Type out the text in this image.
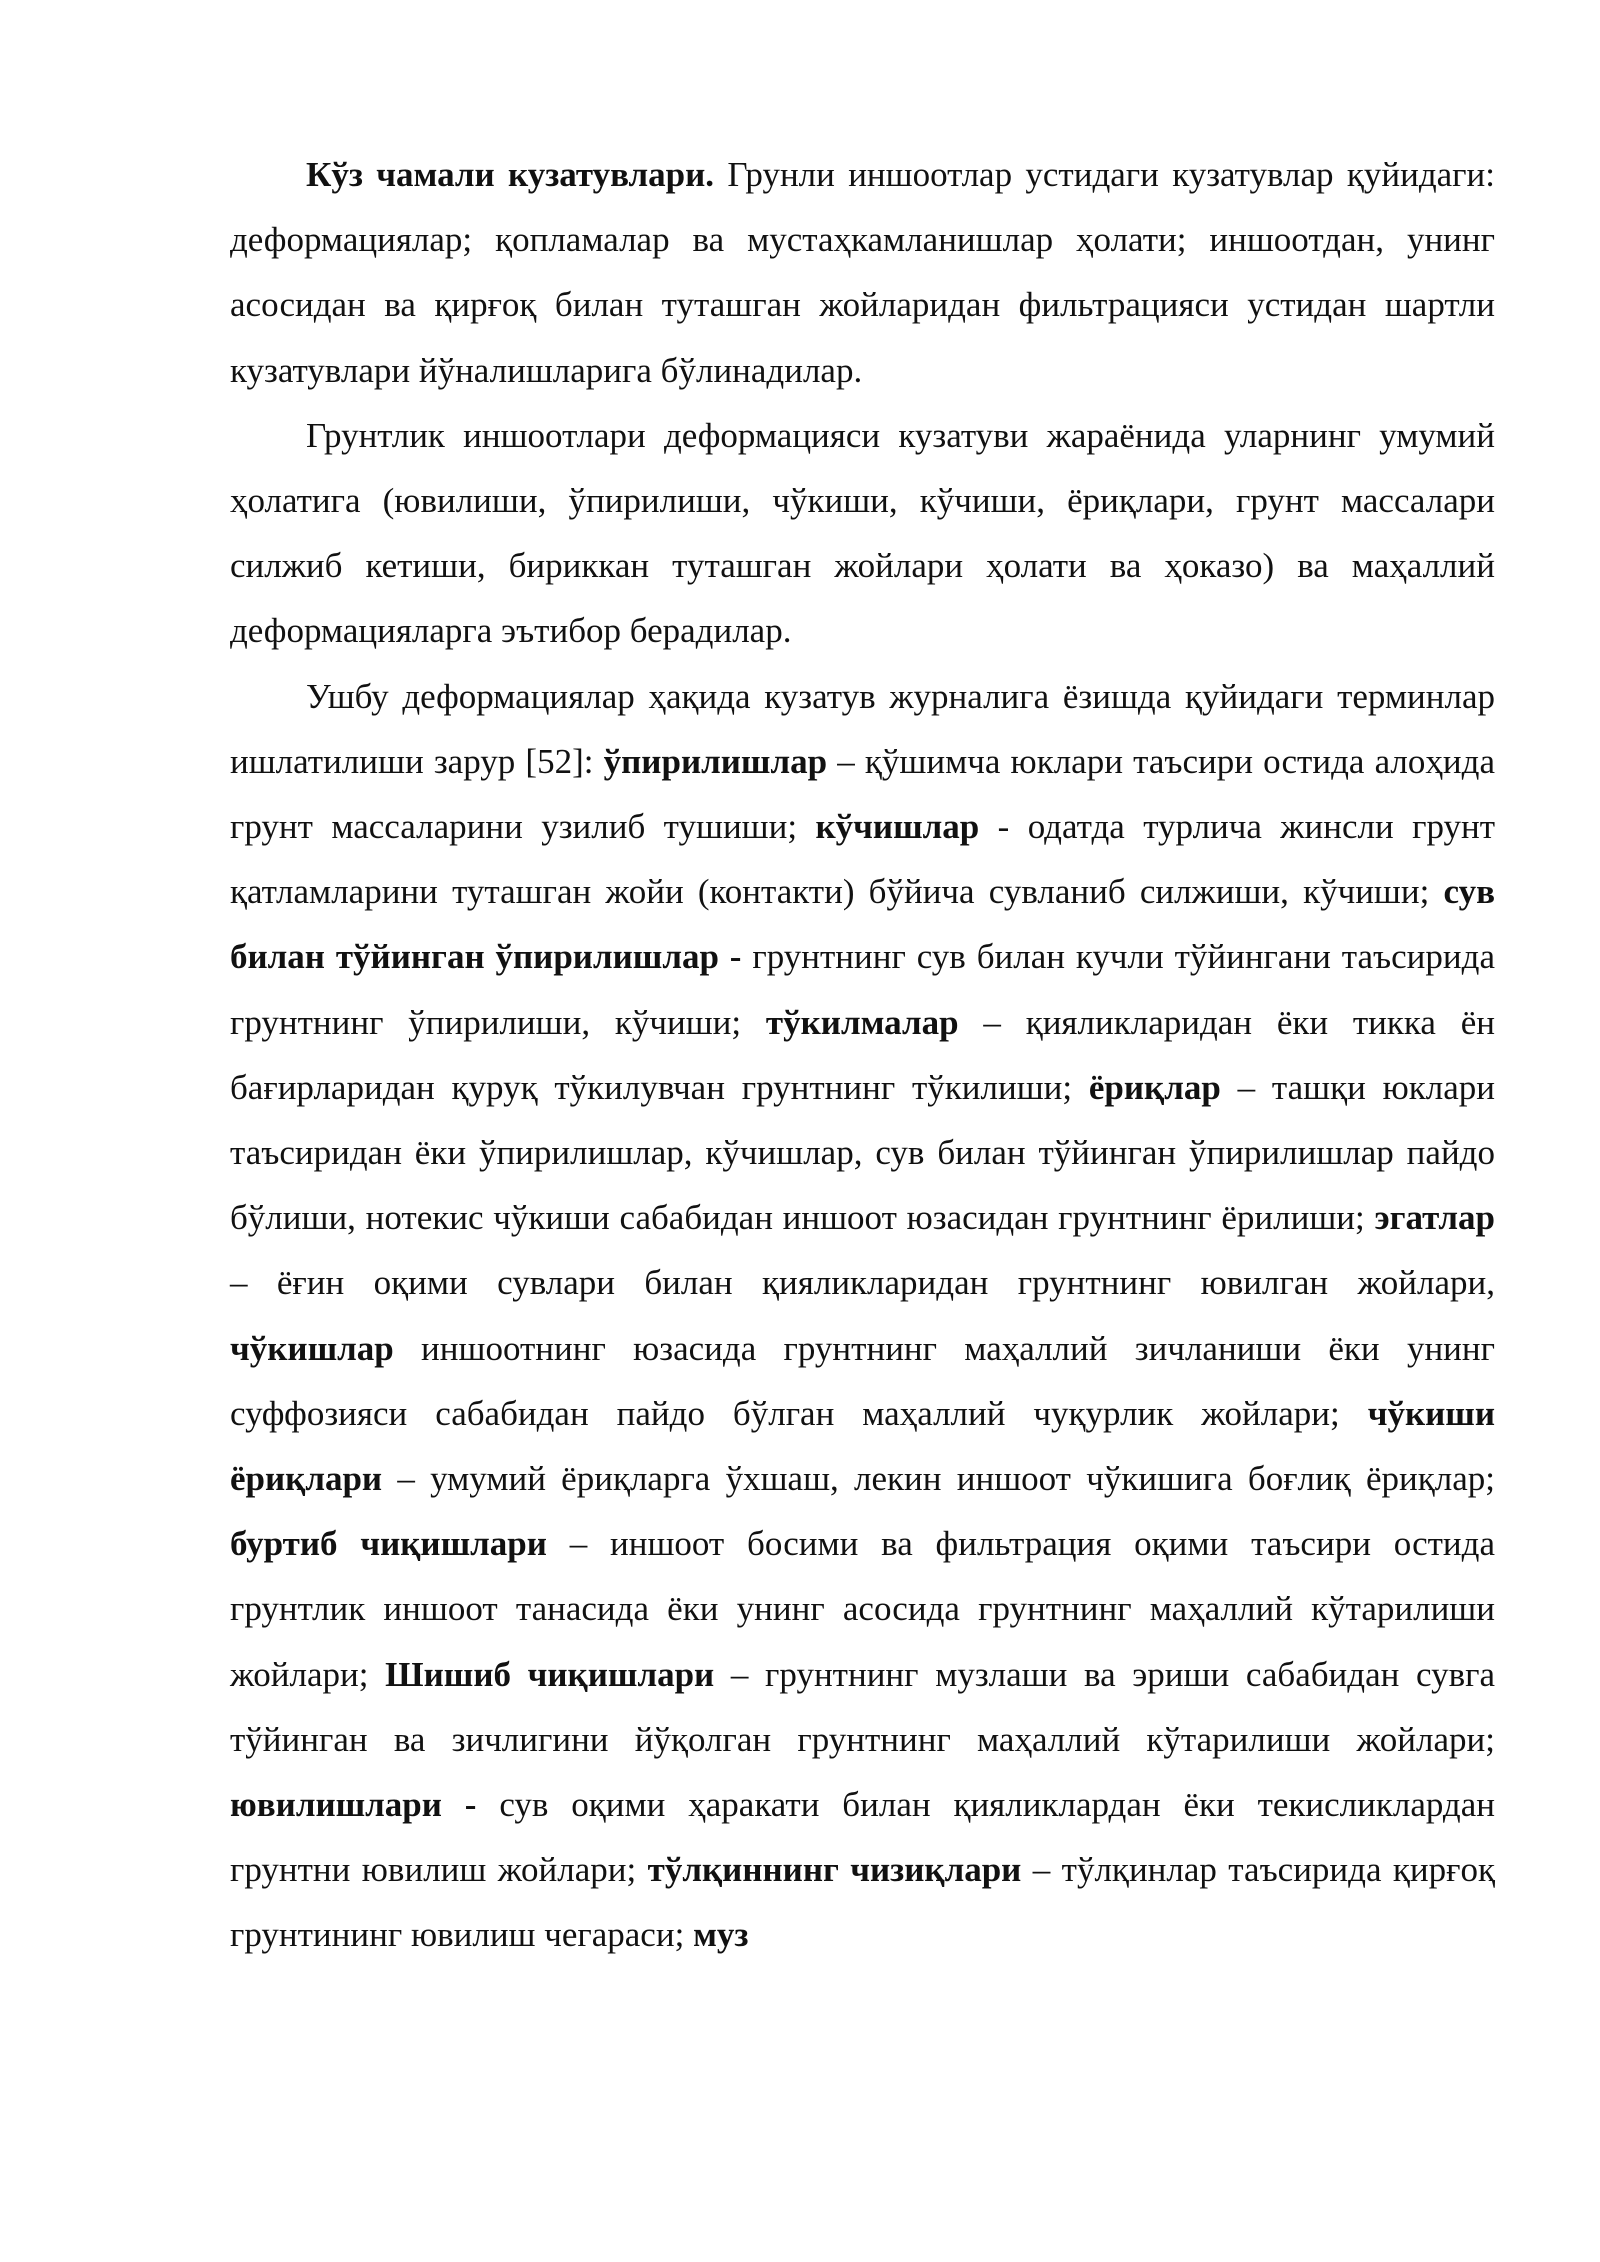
Кўз чамали кузатувлари. Грунли иншоотлар устидаги кузатувлар қуйидаги: деформациялар; қопламалар ва мустаҳкамланишлар ҳолати; иншоотдан, унинг асосидан ва қирғоқ билан туташган жойларидан фильтрацияси устидан шартли кузатувлари йўналишларига бўлинадилар.

Грунтлик иншоотлари деформацияси кузатуви жараёнида уларнинг умумий ҳолатига (ювилиши, ўпирилиши, чўкиши, кўчиши, ёриқлари, грунт массалари силжиб кетиши, бириккан туташган жойлари ҳолати ва ҳоказо) ва маҳаллий деформацияларга эътибор берадилар.

Ушбу деформациялар ҳақида кузатув журналига ёзишда қуйидаги терминлар ишлатилиши зарур [52]: ўпирилишлар – қўшимча юклари таъсири остида алоҳида грунт массаларини узилиб тушиши; кўчишлар - одатда турлича жинсли грунт қатламларини туташган жойи (контакти) бўйича сувланиб силжиши, кўчиши; сув билан тўйинган ўпирилишлар - грунтнинг сув билан кучли тўйингани таъсирида грунтнинг ўпирилиши, кўчиши; тўкилмалар – қияликларидан ёки тикка ён бағирларидан қуруқ тўкилувчан грунтнинг тўкилиши; ёриқлар – ташқи юклари таъсиридан ёки ўпирилишлар, кўчишлар, сув билан тўйинган ўпирилишлар пайдо бўлиши, нотекис чўкиши сабабидан иншоот юзасидан грунтнинг ёрилиши; эгатлар – ёғин оқими сувлари билан қияликларидан грунтнинг ювилган жойлари, чўкишлар иншоотнинг юзасида грунтнинг маҳаллий зичланиши ёки унинг суффозияси сабабидан пайдо бўлган маҳаллий чуқурлик жойлари; чўкиши ёриқлари – умумий ёриқларга ўхшаш, лекин иншоот чўкишига боғлиқ ёриқлар; буртиб чиқишлари – иншоот босими ва фильтрация оқими таъсири остида грунтлик иншоот танасида ёки унинг асосида грунтнинг маҳаллий кўтарилиши жойлари; Шишиб чиқишлари – грунтнинг музлаши ва эриши сабабидан сувга тўйинган ва зичлигини йўқолган грунтнинг маҳаллий кўтарилиши жойлари; ювилишлари - сув оқими ҳаракати билан қияликлардан ёки текисликлардан грунтни ювилиш жойлари; тўлқиннинг чизиқлари – тўлқинлар таъсирида қирғоқ грунтининг ювилиш чегараси; муз
